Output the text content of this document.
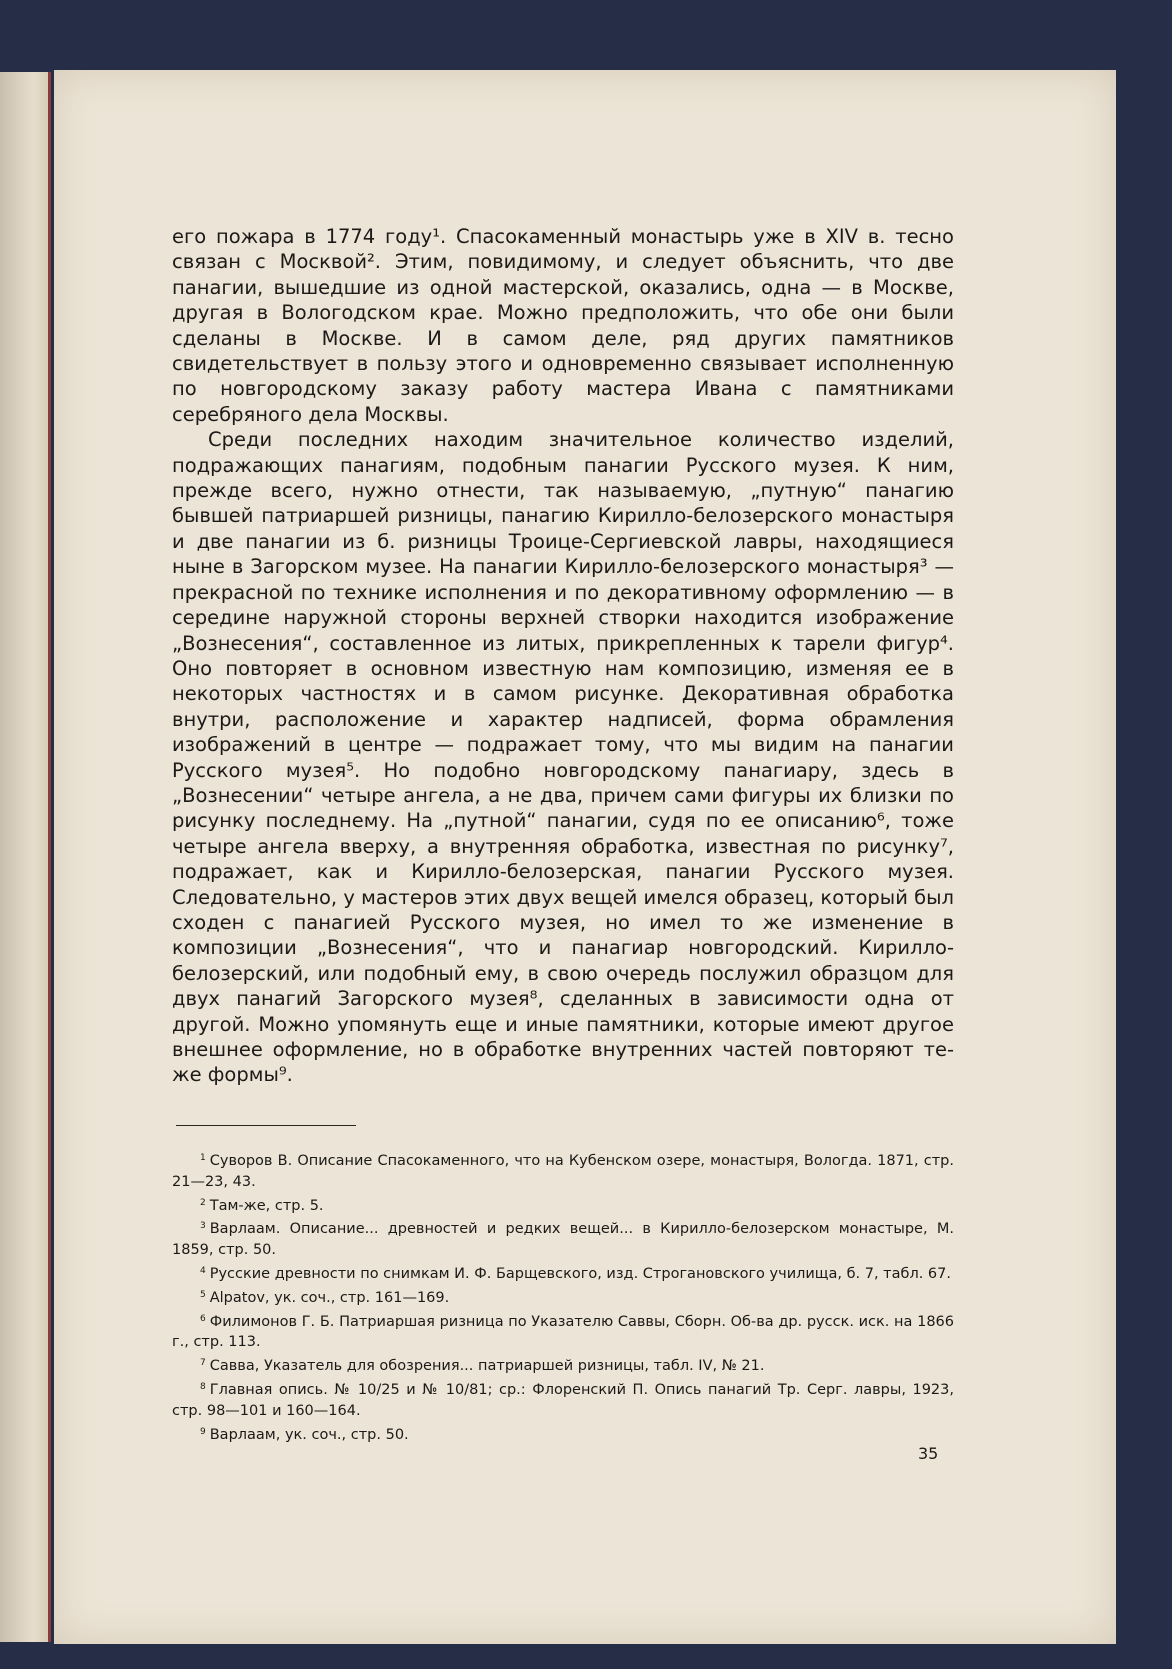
его пожара в 1774 году¹. Спасокаменный монастырь уже в XIV в. тесно связан с Москвой². Этим, повидимому, и следует объяснить, что две панагии, вышедшие из одной мастерской, оказались, одна — в Москве, другая в Вологодском крае. Можно предположить, что обе они были сделаны в Москве. И в самом деле, ряд других памятников свидетельствует в пользу этого и одновременно связывает исполненную по новгородскому заказу работу мастера Ивана с памятниками серебряного дела Москвы.

Среди последних находим значительное количество изделий, подражающих панагиям, подобным панагии Русского музея. К ним, прежде всего, нужно отнести, так называемую, „путную“ панагию бывшей патриаршей ризницы, панагию Кирилло-белозерского монастыря и две панагии из б. ризницы Троице-Сергиевской лавры, находящиеся ныне в Загорском музее. На панагии Кирилло-белозерского монастыря³ — прекрасной по технике исполнения и по декоративному оформлению — в середине наружной стороны верхней створки находится изображение „Вознесения“, составленное из литых, прикрепленных к тарели фигур⁴. Оно повторяет в основном известную нам композицию, изменяя ее в некоторых частностях и в самом рисунке. Декоративная обработка внутри, расположение и характер надписей, форма обрамления изображений в центре — подражает тому, что мы видим на панагии Русского музея⁵. Но подобно новгородскому панагиару, здесь в „Вознесении“ четыре ангела, а не два, причем сами фигуры их близки по рисунку последнему. На „путной“ панагии, судя по ее описанию⁶, тоже четыре ангела вверху, а внутренняя обработка, известная по рисунку⁷, подражает, как и Кирилло-белозерская, панагии Русского музея. Следовательно, у мастеров этих двух вещей имелся образец, который был сходен с панагией Русского музея, но имел то же изменение в композиции „Вознесения“, что и панагиар новгородский. Кирилло-белозерский, или подобный ему, в свою очередь послужил образцом для двух панагий Загорского музея⁸, сделанных в зависимости одна от другой. Можно упомянуть еще и иные памятники, которые имеют другое внешнее оформление, но в обработке внутренних частей повторяют те-же формы⁹.

$^1$ Суворов В. Описание Спасокаменного, что на Кубенском озере, монастыря, Вологда. 1871, стр. 21—23, 43.

$^2$ Там-же, стр. 5.

$^3$ Варлаам. Описание... древностей и редких вещей... в Кирилло-белозерском монастыре, М. 1859, стр. 50.

$^4$ Русские древности по снимкам И. Ф. Барщевского, изд. Строгановского училища, б. 7, табл. 67.

$^5$ Alpatov, ук. соч., стр. 161—169.

$^6$ Филимонов Г. Б. Патриаршая ризница по Указателю Саввы, Сборн. Об-ва др. русск. иск. на 1866 г., стр. 113.

$^7$ Савва, Указатель для обозрения... патриаршей ризницы, табл. IV, № 21.

$^8$ Главная опись. № 10/25 и № 10/81; ср.: Флоренский П. Опись панагий Тр. Серг. лавры, 1923, стр. 98—101 и 160—164.

$^9$ Варлаам, ук. соч., стр. 50.

35
